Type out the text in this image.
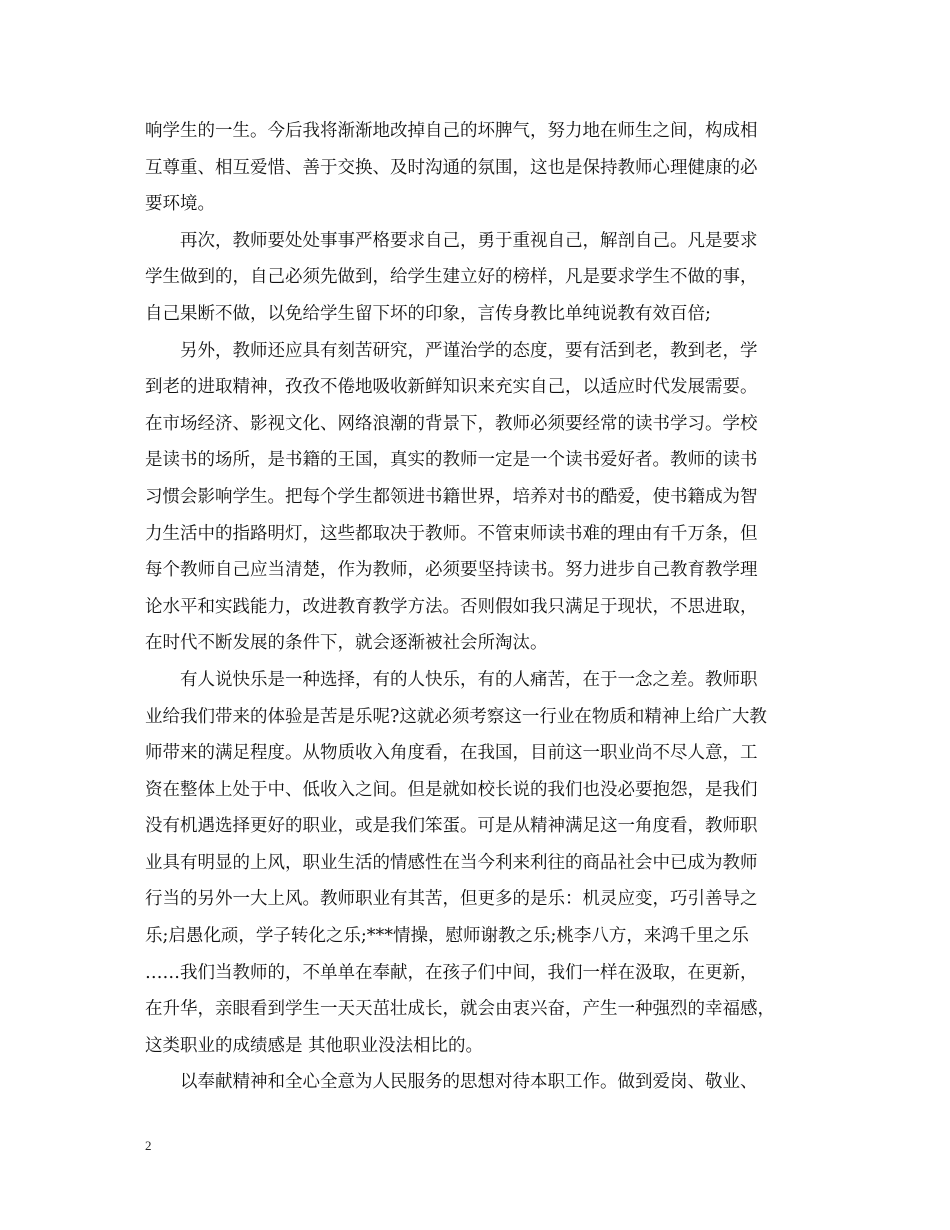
响学生的一生。今后我将渐渐地改掉自己的坏脾气，努力地在师生之间，构成相
互尊重、相互爱惜、善于交换、及时沟通的氛围，这也是保持教师心理健康的必
要环境。
再次，教师要处处事事严格要求自己，勇于重视自己，解剖自己。凡是要求
学生做到的，自己必须先做到，给学生建立好的榜样，凡是要求学生不做的事，
自己果断不做，以免给学生留下坏的印象，言传身教比单纯说教有效百倍;
另外，教师还应具有刻苦研究，严谨治学的态度，要有活到老，教到老，学
到老的进取精神，孜孜不倦地吸收新鲜知识来充实自己，以适应时代发展需要。
在市场经济、影视文化、网络浪潮的背景下，教师必须要经常的读书学习。学校
是读书的场所，是书籍的王国，真实的教师一定是一个读书爱好者。教师的读书
习惯会影响学生。把每个学生都领进书籍世界，培养对书的酷爱，使书籍成为智
力生活中的指路明灯，这些都取决于教师。不管束师读书难的理由有千万条，但
每个教师自己应当清楚，作为教师，必须要坚持读书。努力进步自己教育教学理
论水平和实践能力，改进教育教学方法。否则假如我只满足于现状，不思进取，
在时代不断发展的条件下，就会逐渐被社会所淘汰。
有人说快乐是一种选择，有的人快乐，有的人痛苦，在于一念之差。教师职
业给我们带来的体验是苦是乐呢?这就必须考察这一行业在物质和精神上给广大教
师带来的满足程度。从物质收入角度看，在我国，目前这一职业尚不尽人意，工
资在整体上处于中、低收入之间。但是就如校长说的我们也没必要抱怨，是我们
没有机遇选择更好的职业，或是我们笨蛋。可是从精神满足这一角度看，教师职
业具有明显的上风，职业生活的情感性在当今利来利往的商品社会中已成为教师
行当的另外一大上风。教师职业有其苦，但更多的是乐：机灵应变，巧引善导之
乐;启愚化顽，学子转化之乐;***情操，慰师谢教之乐;桃李八方，来鸿千里之乐
……我们当教师的，不单单在奉献，在孩子们中间，我们一样在汲取，在更新，
在升华，亲眼看到学生一天天茁壮成长，就会由衷兴奋，产生一种强烈的幸福感，
这类职业的成绩感是 其他职业没法相比的。
以奉献精神和全心全意为人民服务的思想对待本职工作。做到爱岗、敬业、
2
